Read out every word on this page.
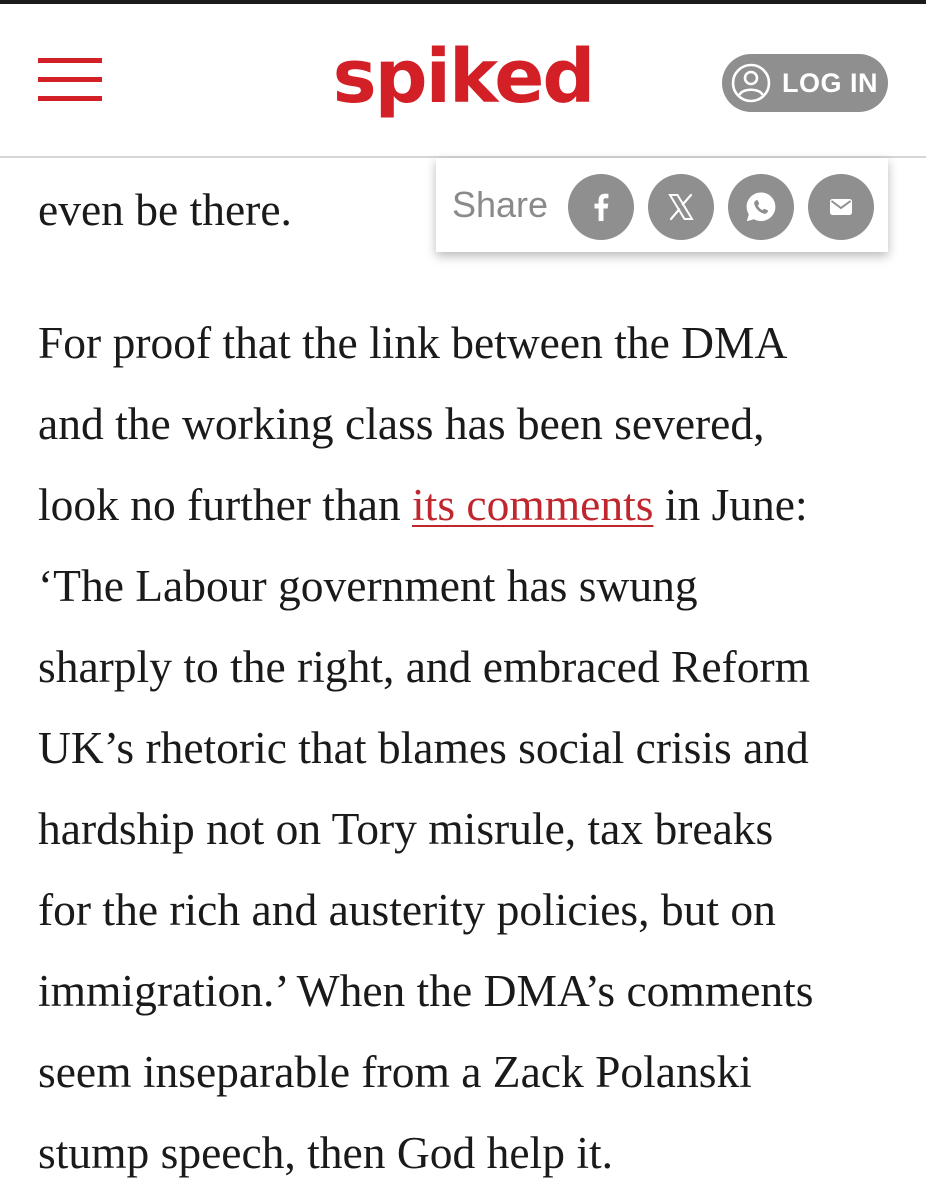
spiked	LOG IN

even be there.

For proof that the link between the DMA
and the working class has been severed,
look no further than its comments in June:
‘The Labour government has swung
sharply to the right, and embraced Reform
UK’s rhetoric that blames social crisis and
hardship not on Tory misrule, tax breaks
for the rich and austerity policies, but on
immigration.’ When the DMA’s comments
seem inseparable from a Zack Polanski
stump speech, then God help it.

Share
